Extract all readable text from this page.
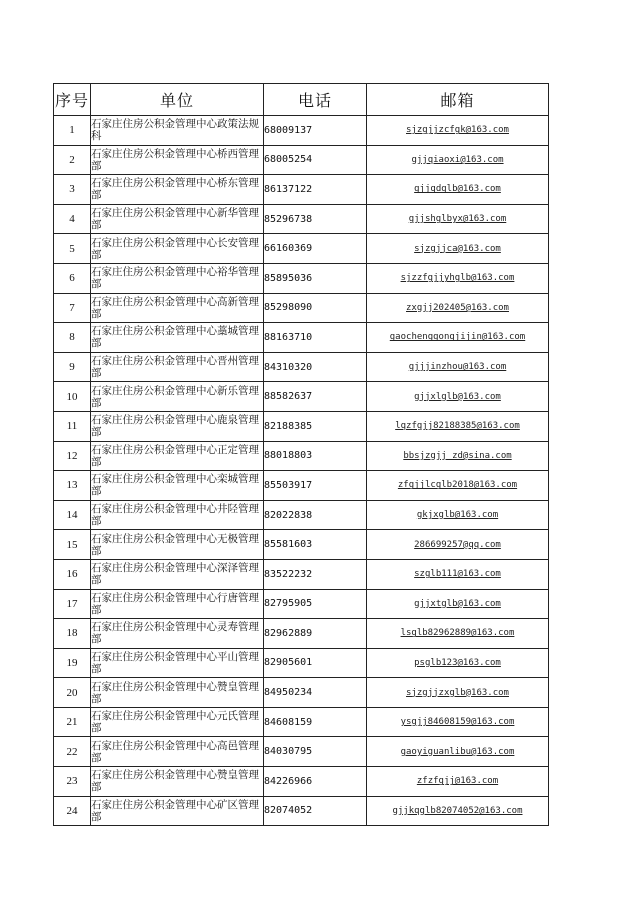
序号	单位	电话	邮箱
1	石家庄住房公积金管理中心政策法规科	68009137	sjzgjjzcfgk@163.com
2	石家庄住房公积金管理中心桥西管理部	68005254	gjjqiaoxi@163.com
3	石家庄住房公积金管理中心桥东管理部	86137122	gjjqdglb@163.com
4	石家庄住房公积金管理中心新华管理部	85296738	gjjshglbyx@163.com
5	石家庄住房公积金管理中心长安管理部	66160369	sjzgjjca@163.com
6	石家庄住房公积金管理中心裕华管理部	85895036	sjzzfgjjyhglb@163.com
7	石家庄住房公积金管理中心高新管理部	85298090	zxgjj202405@163.com
8	石家庄住房公积金管理中心藁城管理部	88163710	gaochenggongjijin@163.com
9	石家庄住房公积金管理中心晋州管理部	84310320	gjjjinzhou@163.com
10	石家庄住房公积金管理中心新乐管理部	88582637	gjjxlglb@163.com
11	石家庄住房公积金管理中心鹿泉管理部	82188385	lqzfgjj82188385@163.com
12	石家庄住房公积金管理中心正定管理部	88018803	bbsjzgjj_zd@sina.com
13	石家庄住房公积金管理中心栾城管理部	85503917	zfgjjlcglb2018@163.com
14	石家庄住房公积金管理中心井陉管理部	82022838	gkjxglb@163.com
15	石家庄住房公积金管理中心无极管理部	85581603	286699257@qq.com
16	石家庄住房公积金管理中心深泽管理部	83522232	szglb111@163.com
17	石家庄住房公积金管理中心行唐管理部	82795905	gjjxtglb@163.com
18	石家庄住房公积金管理中心灵寿管理部	82962889	lsglb82962889@163.com
19	石家庄住房公积金管理中心平山管理部	82905601	psglb123@163.com
20	石家庄住房公积金管理中心赞皇管理部	84950234	sjzgjjzxglb@163.com
21	石家庄住房公积金管理中心元氏管理部	84608159	ysgjj84608159@163.com
22	石家庄住房公积金管理中心高邑管理部	84030795	gaoyiguanlibu@163.com
23	石家庄住房公积金管理中心赞皇管理部	84226966	zfzfgjj@163.com
24	石家庄住房公积金管理中心矿区管理部	82074052	gjjkqglb82074052@163.com
